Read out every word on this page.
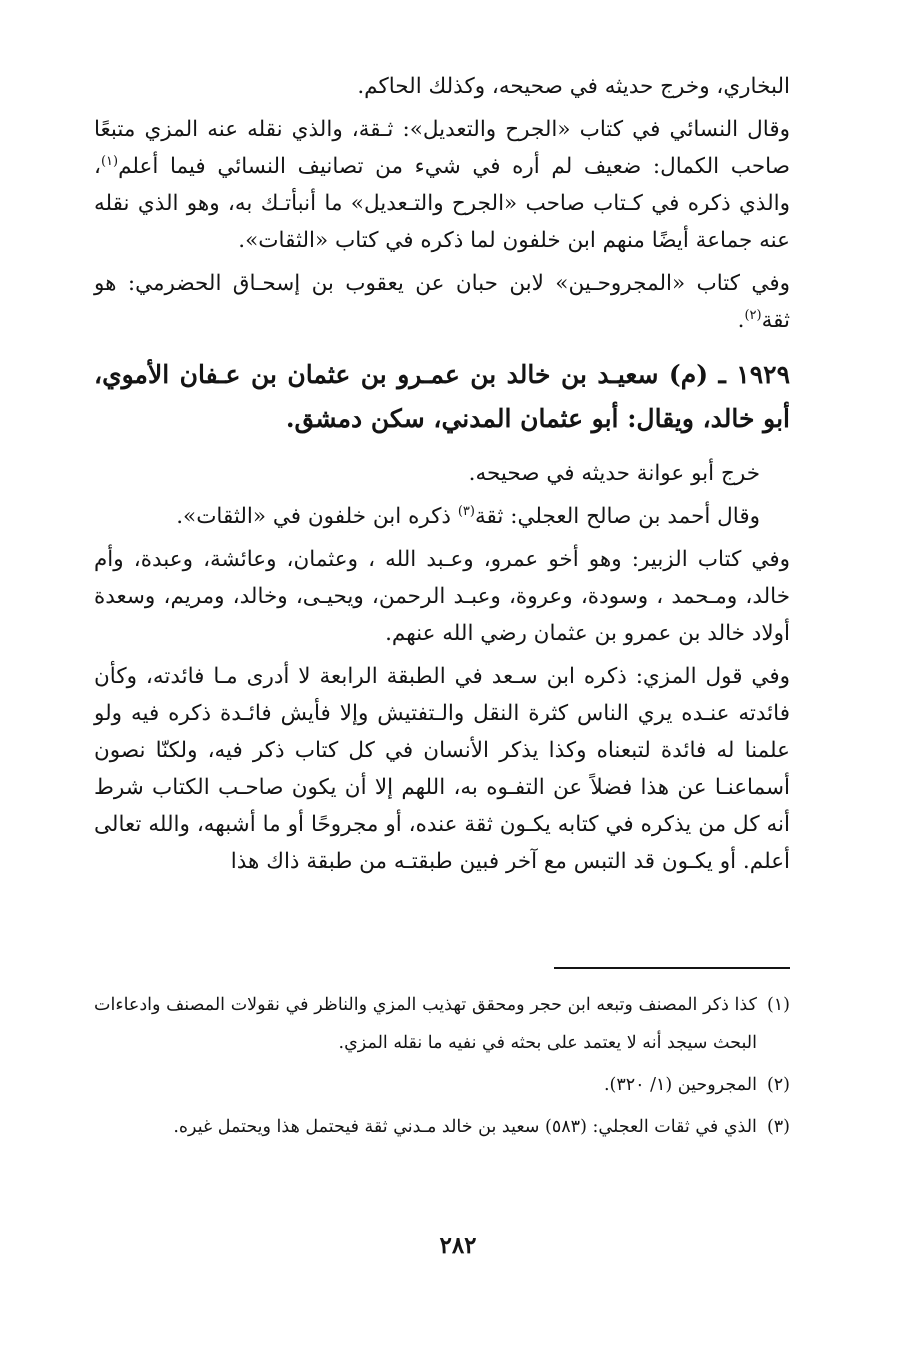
البخاري، وخرج حديثه في صحيحه، وكذلك الحاكم.

وقال النسائي في كتاب «الجرح والتعديل»: ثـقة، والذي نقله عنه المزي متبعًا صاحب الكمال: ضعيف لم أره في شيء من تصانيف النسائي فيما أعلم$^{(١)}$، والذي ذكره في كـتاب صاحب «الجرح والتـعديل» ما أنبأتـك به، وهو الذي نقله عنه جماعة أيضًا منهم ابن خلفون لما ذكره في كتاب «الثقات».

وفي كتاب «المجروحـين» لابن حبان عن يعقوب بن إسحـاق الحضرمي: هو ثقة$^{(٢)}$.

١٩٢٩ ـ (م) سعيـد بن خالد بن عمـرو بن عثمان بن عـفان الأموي، أبو خالد، ويقال: أبو عثمان المدني، سكن دمشق.

خرج أبو عوانة حديثه في صحيحه.

وقال أحمد بن صالح العجلي: ثقة$^{(٣)}$ ذكره ابن خلفون في «الثقات».

وفي كتاب الزبير: وهو أخو عمرو، وعـبد الله ، وعثمان، وعائشة، وعبدة، وأم خالد، ومـحمد ، وسودة، وعروة، وعبـد الرحمن، ويحيـى، وخالد، ومريم، وسعدة أولاد خالد بن عمرو بن عثمان رضي الله عنهم.

وفي قول المزي: ذكره ابن سـعد في الطبقة الرابعة لا أدرى مـا فائدته، وكأن فائدته عنـده يري الناس كثرة النقل والـتفتيش وإلا فأيش فائـدة ذكره فيه ولو علمنا له فائدة لتبعناه وكذا يذكر الأنسان في كل كتاب ذكر فيه، ولكنّا نصون أسماعنـا عن هذا فضلاً عن التفـوه به، اللهم إلا أن يكون صاحـب الكتاب شرط أنه كل من يذكره في كتابه يكـون ثقة عنده، أو مجروحًا أو ما أشبهه، والله تعالى أعلم. أو يكـون قد التبس مع آخر فبين طبقتـه من طبقة ذاك هذا

(١)
كذا ذكر المصنف وتبعه ابن حجر ومحقق تهذيب المزي والناظر في نقولات المصنف وادعاءات البحث سيجد أنه لا يعتمد على بحثه في نفيه ما نقله المزي.
(٢)
المجروحين (١/ ٣٢٠).
(٣)
الذي في ثقات العجلي: (٥٨٣) سعيد بن خالد مـدني ثقة فيحتمل هذا ويحتمل غيره.
٢٨٢
